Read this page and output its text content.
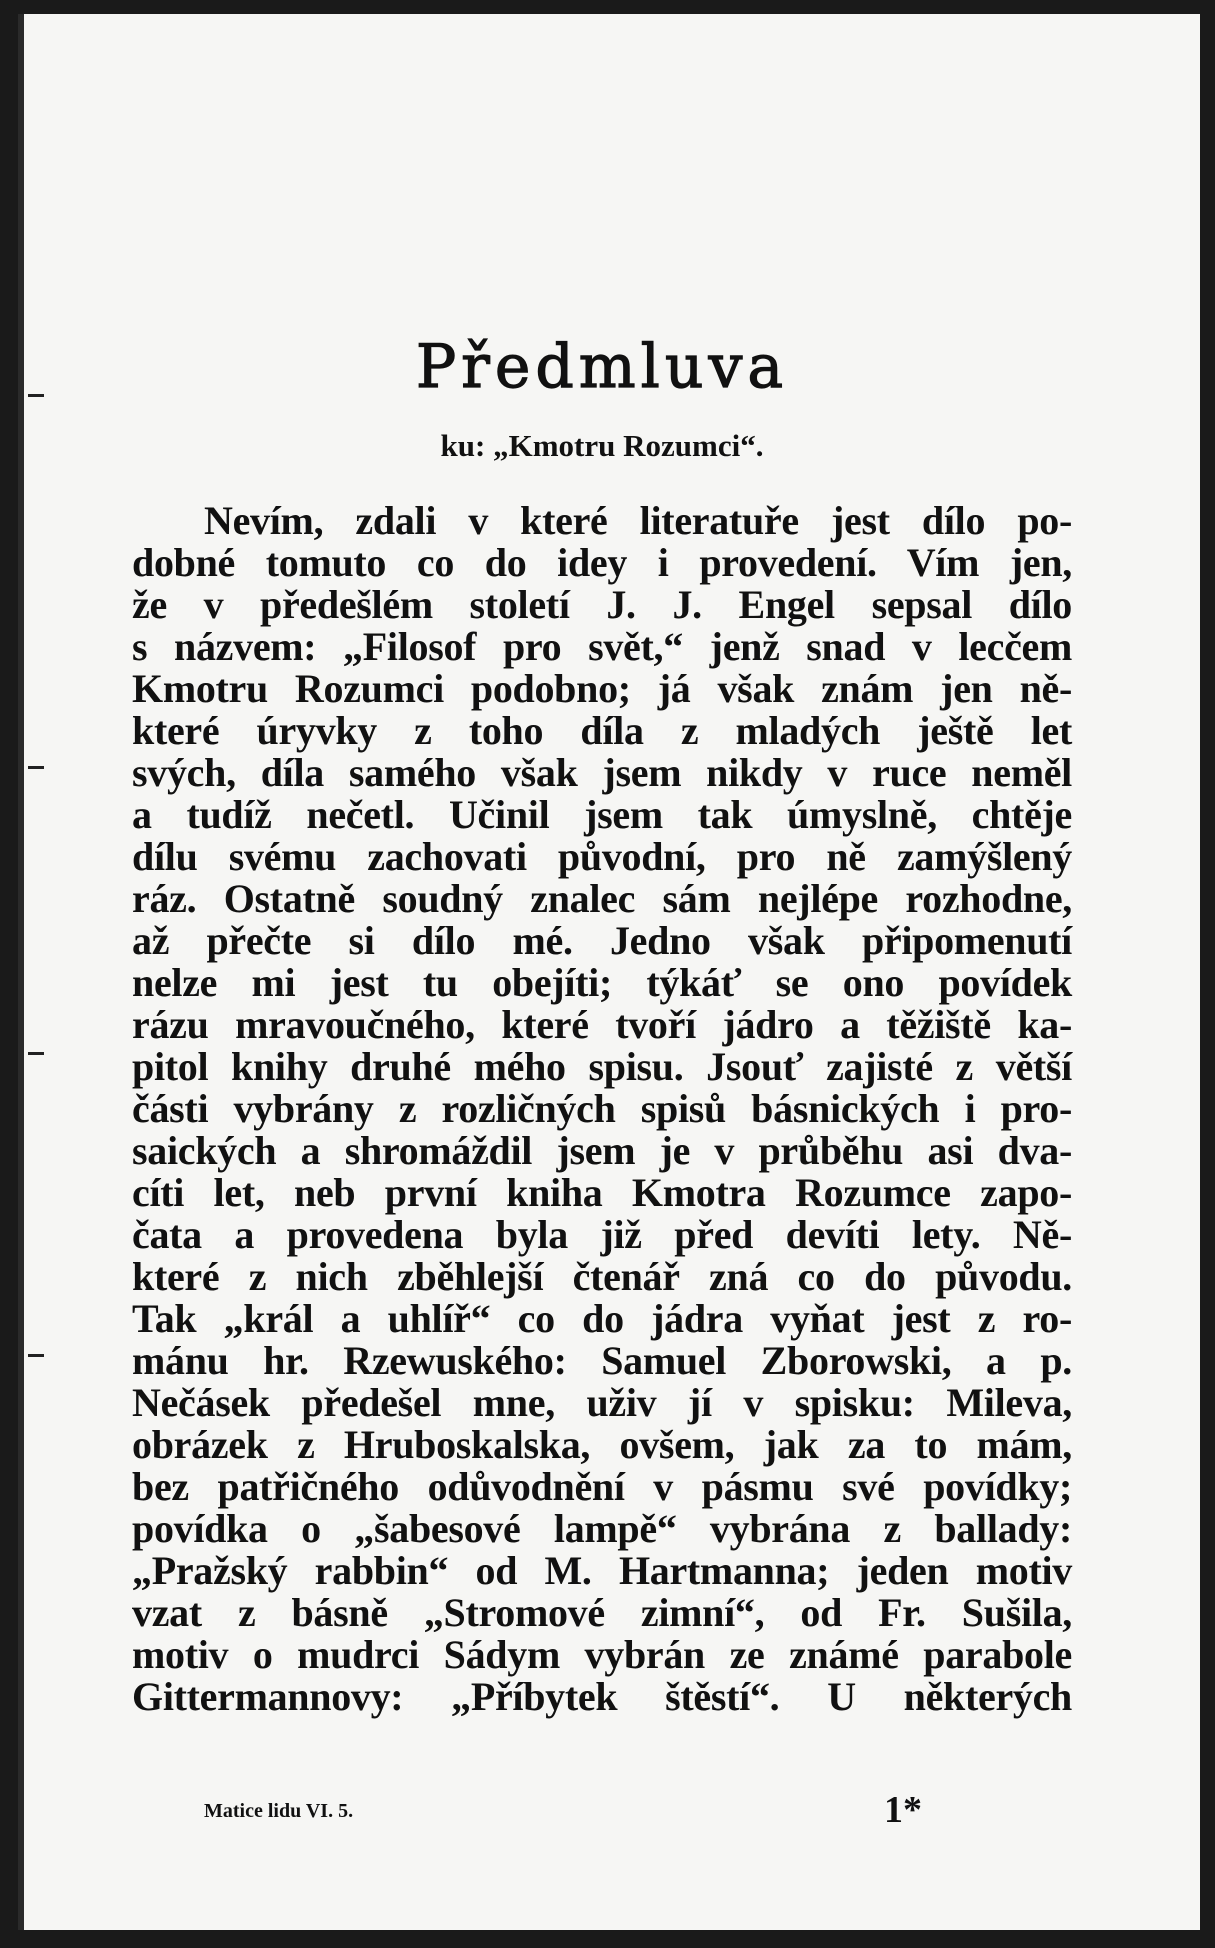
Předmluva
ku: „Kmotru Rozumci“.
Nevím, zdali v které literatuře jest dílo po-
dobné tomuto co do idey i provedení. Vím jen,
že v předešlém století J. J. Engel sepsal dílo
s názvem: „Filosof pro svět,“ jenž snad v lecčem
Kmotru Rozumci podobno; já však znám jen ně-
které úryvky z toho díla z mladých ještě let
svých, díla samého však jsem nikdy v ruce neměl
a tudíž nečetl. Učinil jsem tak úmyslně, chtěje
dílu svému zachovati původní, pro ně zamýšlený
ráz. Ostatně soudný znalec sám nejlépe rozhodne,
až přečte si dílo mé. Jedno však připomenutí
nelze mi jest tu obejíti; týkáť se ono povídek
rázu mravoučného, které tvoří jádro a těžiště ka-
pitol knihy druhé mého spisu. Jsouť zajisté z větší
části vybrány z rozličných spisů básnických i pro-
saických a shromáždil jsem je v průběhu asi dva-
cíti let, neb první kniha Kmotra Rozumce zapo-
čata a provedena byla již před devíti lety. Ně-
které z nich zběhlejší čtenář zná co do původu.
Tak „král a uhlíř“ co do jádra vyňat jest z ro-
mánu hr. Rzewuského: Samuel Zborowski, a p.
Nečásek předešel mne, uživ jí v spisku: Mileva,
obrázek z Hruboskalska, ovšem, jak za to mám,
bez patřičného odůvodnění v pásmu své povídky;
povídka o „šabesové lampě“ vybrána z ballady:
„Pražský rabbin“ od M. Hartmanna; jeden motiv
vzat z básně „Stromové zimní“, od Fr. Sušila,
motiv o mudrci Sádym vybrán ze známé parabole
Gittermannovy: „Příbytek štěstí“. U některých
Matice lidu VI. 5.	1*
